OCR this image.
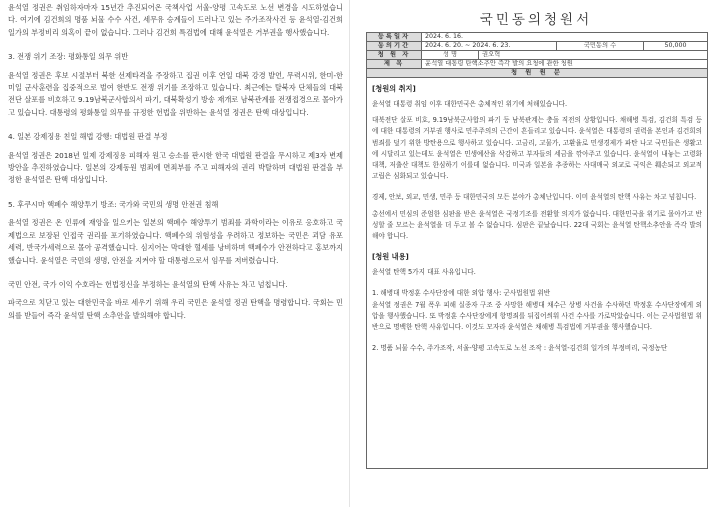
윤석열 정권은 취임하자마자 15년간 추진되어온 국책사업 서울-양평 고속도로 노선 변경을 시도하였습니다. 여기에 김건희의 명품 뇌물 수수 사건, 세무유 승계들이 드러나고 있는 주가조작사건 등 윤석열-김건희 일가의 부정비리 의혹이 끝이 없습니다. 그러나 김건희 특검법에 대해 윤석열은 거부권을 행사했습니다.

3. 전쟁 위기 조장: 평화통일 의무 위반

윤석열 정권은 후보 시절부터 북한 선제타격을 주장하고 집권 이후 연일 대북 강경 발언, 무력시위, 한미-한미일 군사훈련을 집중적으로 벌여 한반도 전쟁 위기를 조장하고 있습니다. 최근에는 탈북자 단체들의 대북전단 살포를 비호하고 9.19남북군사합의서 파기, 대북확성기 방송 재개로 남북관계를 전쟁접경으로 몰아가고 있습니다. 대통령의 평화통일 의무를 규정한 헌법을 위반하는 윤석열 정권은 탄핵 대상입니다.

4. 일본 강제징용 친일 해법 강행: 대법원 판결 부정

윤석열 정권은 2018년 일제 강제징용 피해자 원고 승소를 판시한 한국 대법원 판결을 무시하고 제3자 변제 방안을 추진하였습니다. 일본의 강제동원 범죄에 면죄부를 주고 피해자의 권리 박탈하며 대법원 판결을 부정한 윤석열은 탄핵 대상입니다.

5. 후쿠시마 핵폐수 해양투기 방조: 국가와 국민의 생명 안전권 침해

윤석열 정권은 온 인류에 재앙을 일으키는 일본의 핵폐수 해양투기 범죄를 과학이라는 이유로 옹호하고 국제법으로 보장된 인접국 권리를 포기하였습니다. 핵폐수의 위험성을 우려하고 정보하는 국민은 괴담 유포 세력, 반국가세력으로 몰아 공격했습니다. 심지어는 막대한 혈세를 낭비하며 핵폐수가 안전하다고 홍보까지 했습니다. 윤석열은 국민의 생명, 안전을 지켜야 할 대통령으로서 임무를 저버렸습니다.

국민 안전, 국가 이익 수호라는 헌법정신을 부정하는 윤석열의 탄핵 사유는 차고 넘칩니다.

파국으로 치닫고 있는 대한민국을 바로 세우기 위해 우리 국민은 윤석열 정권 탄핵을 명령합니다. 국회는 민의를 받들어 즉각 윤석열 탄핵 소추안을 발의해야 합니다.

국민동의청원서
등록일자	2024. 6. 16.			
동의기간	2024. 6. 20. ~ 2024. 6. 23.		국민동의 수	50,000
청 원 자	성 명	권오혁		
제 목	윤석열 대통령 탄핵소추안 즉각 발의 요청에 관한 청원			
청 원 원 문				
[청원의 취지]

윤석열 대통령 취임 이후 대한민국은 총체적인 위기에 처해있습니다.

대북전단 살포 비호, 9.19남북군사합의 파기 등 남북관계는 충돌 직전의 상황입니다. 채해병 특검, 김건희 특검 등에 대한 대통령의 거부권 행사로 민주주의의 근간이 흔들리고 있습니다. 윤석열은 대통령의 권력을 본인과 김건희의 범죄를 덮기 위한 방탄용으로 행사하고 있습니다. 고금리, 고물가, 고환율로 민생경제가 파탄 나고 국민들은 생활고에 시달리고 있는데도 윤석열은 민생예산을 삭감하고 부자들의 세금을 깎아주고 있습니다. 윤석열이 내놓는 고령화 대책, 저출산 대책도 한심하기 이를데 없습니다. 미국과 일본을 추종하는 사대매국 외교로 국익은 훼손되고 외교적 고립은 심화되고 있습니다.

경제, 안보, 외교, 민생, 민주 등 대한민국의 모든 분야가 총체난입니다. 이미 윤석열의 탄핵 사유는 차고 넘칩니다.

총선에서 민심의 준엄한 심판을 받은 윤석열은 국정기조를 전환할 의지가 없습니다. 대한민국을 위기로 몰아가고 반성할 줄 모르는 윤석열을 더 두고 볼 수 없습니다. 심판은 끝났습니다. 22대 국회는 윤석열 탄핵소추안을 즉각 발의해야 합니다.

[청원 내용]

윤석열 탄핵 5가지 대표 사유입니다.

1. 해병대 박정훈 수사단장에 대한 외압 행사: 군사법원법 위반

윤석열 정권은 7월 폭우 피해 실종자 구조 중 사망한 해병대 채수근 상병 사건을 수사하던 박정훈 수사단장에게 외압을 행사했습니다. 또 박정훈 수사단장에게 항명죄를 뒤집어씌워 사건 수사를 가로막았습니다. 이는 군사법원법 위반으로 명백한 탄핵 사유입니다. 이것도 모자라 윤석열은 채해병 특검법에 거부권을 행사했습니다.

2. 명품 뇌물 수수, 주가조작, 서울-양평 고속도로 노선 조작 : 윤석열-김건희 일가의 부정비리, 국정농단
